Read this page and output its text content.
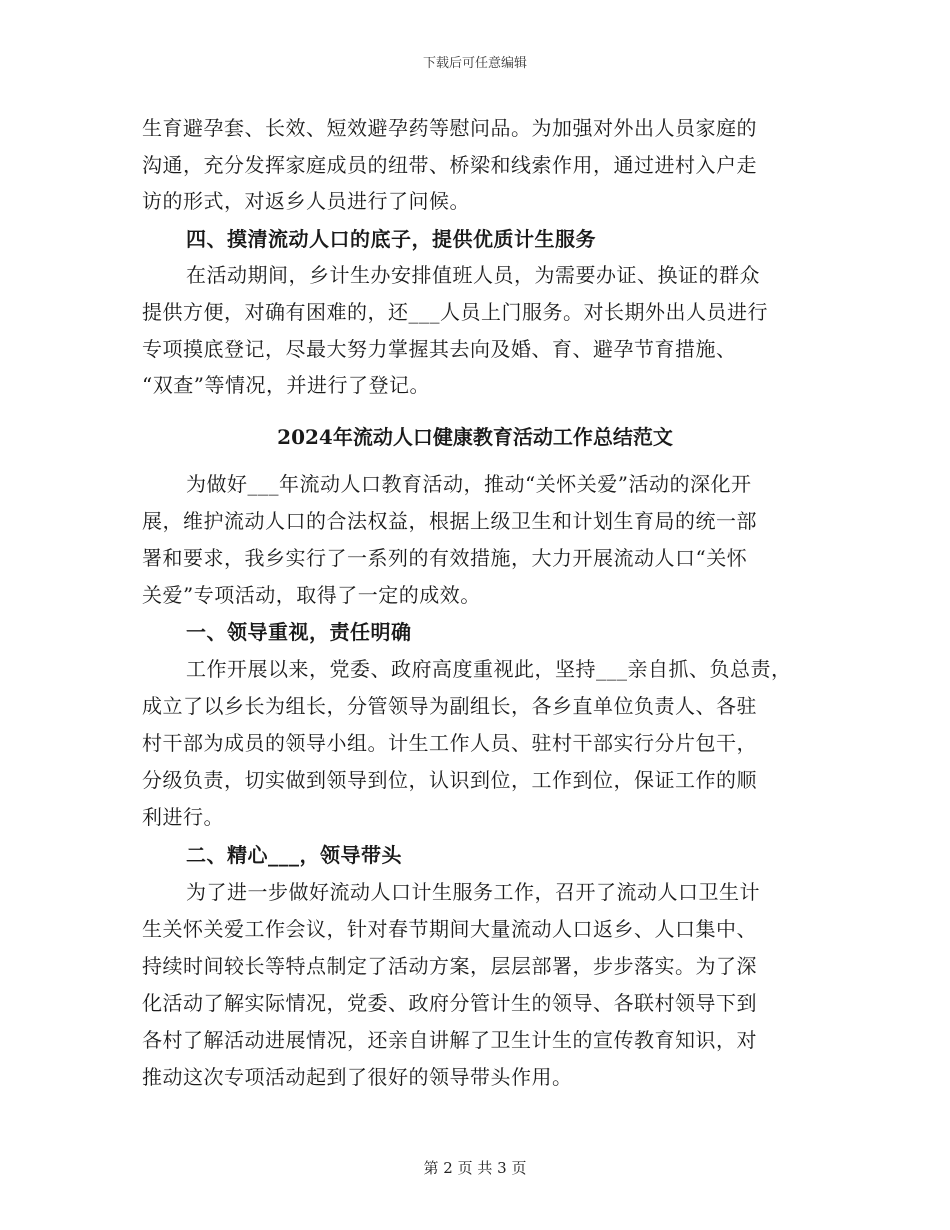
下载后可任意编辑
生育避孕套、长效、短效避孕药等慰问品。为加强对外出人员家庭的
沟通，充分发挥家庭成员的纽带、桥梁和线索作用，通过进村入户走
访的形式，对返乡人员进行了问候。
四、摸清流动人口的底子，提供优质计生服务
在活动期间，乡计生办安排值班人员，为需要办证、换证的群众
提供方便，对确有困难的，还___人员上门服务。对长期外出人员进行
专项摸底登记，尽最大努力掌握其去向及婚、育、避孕节育措施、
“双查”等情况，并进行了登记。
2024年流动人口健康教育活动工作总结范文
为做好___年流动人口教育活动，推动“关怀关爱”活动的深化开
展，维护流动人口的合法权益，根据上级卫生和计划生育局的统一部
署和要求，我乡实行了一系列的有效措施，大力开展流动人口“关怀
关爱”专项活动，取得了一定的成效。
一、领导重视，责任明确
工作开展以来，党委、政府高度重视此，坚持___亲自抓、负总责，
成立了以乡长为组长，分管领导为副组长，各乡直单位负责人、各驻
村干部为成员的领导小组。计生工作人员、驻村干部实行分片包干，
分级负责，切实做到领导到位，认识到位，工作到位，保证工作的顺
利进行。
二、精心___，领导带头
为了进一步做好流动人口计生服务工作，召开了流动人口卫生计
生关怀关爱工作会议，针对春节期间大量流动人口返乡、人口集中、
持续时间较长等特点制定了活动方案，层层部署，步步落实。为了深
化活动了解实际情况，党委、政府分管计生的领导、各联村领导下到
各村了解活动进展情况，还亲自讲解了卫生计生的宣传教育知识，对
推动这次专项活动起到了很好的领导带头作用。
第 2 页 共 3 页
